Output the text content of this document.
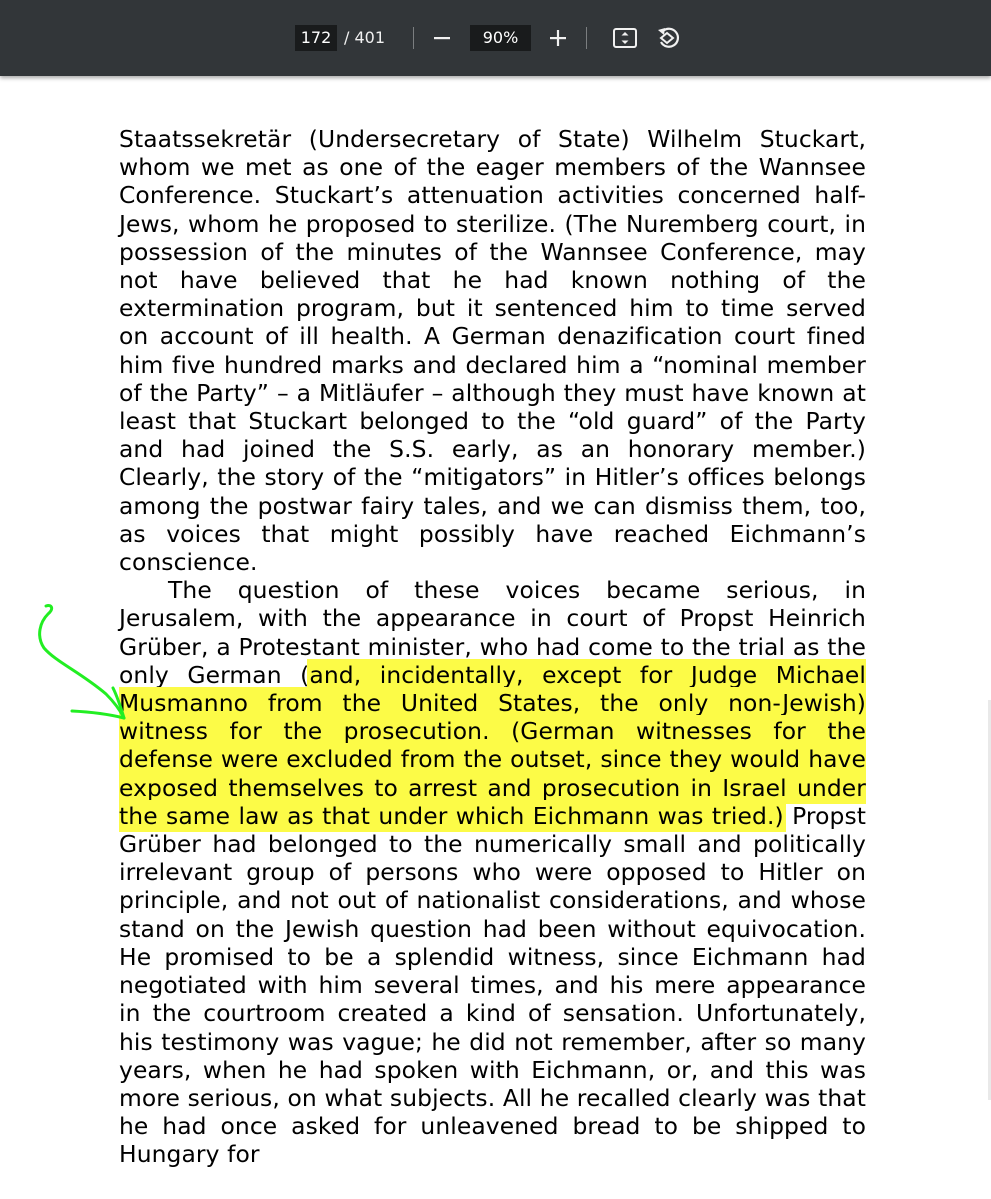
172 / 401	90%

Staatssekretär (Undersecretary of State) Wilhelm Stuckart, whom we met as one of the eager members of the Wannsee Conference. Stuckart’s attenuation activities concerned half-Jews, whom he proposed to sterilize. (The Nuremberg court, in possession of the minutes of the Wannsee Conference, may not have believed that he had known nothing of the extermination program, but it sentenced him to time served on account of ill health. A German denazification court fined him five hundred marks and declared him a “nominal member of the Party” – a Mitläufer – although they must have known at least that Stuckart belonged to the “old guard” of the Party and had joined the S.S. early, as an honorary member.) Clearly, the story of the “mitigators” in Hitler’s offices belongs among the postwar fairy tales, and we can dismiss them, too, as voices that might possibly have reached Eichmann’s conscience.

The question of these voices became serious, in Jerusalem, with the appearance in court of Propst Heinrich Grüber, a Protestant minister, who had come to the trial as the only German (and, incidentally, except for Judge Michael Musmanno from the United States, the only non-Jewish) witness for the prosecution. (German witnesses for the defense were excluded from the outset, since they would have exposed themselves to arrest and prosecution in Israel under the same law as that under which Eichmann was tried.) Propst Grüber had belonged to the numerically small and politically irrelevant group of persons who were opposed to Hitler on principle, and not out of nationalist considerations, and whose stand on the Jewish question had been without equivocation. He promised to be a splendid witness, since Eichmann had negotiated with him several times, and his mere appearance in the courtroom created a kind of sensation. Unfortunately, his testimony was vague; he did not remember, after so many years, when he had spoken with Eichmann, or, and this was more serious, on what subjects. All he recalled clearly was that he had once asked for unleavened bread to be shipped to Hungary for
